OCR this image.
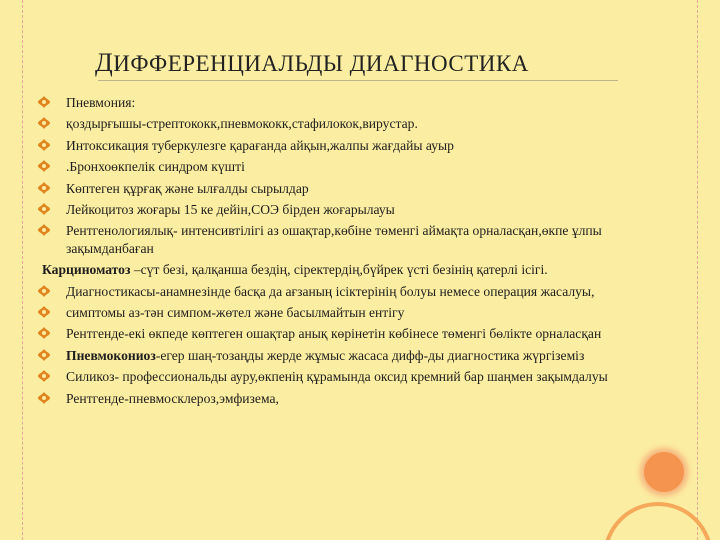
ДИФФЕРЕНЦИАЛЬДЫ ДИАГНОСТИКА
Пневмония:
қоздырғышы-стрептококк,пневмококк,стафилокок,вирустар.
Интоксикация туберкулезге қарағанда айқын,жалпы жағдайы ауыр
.Бронхоөкпелік синдром күшті
Көптеген құрғақ және ылғалды сырылдар
Лейкоцитоз жоғары 15 ке дейін,СОЭ бірден жоғарылауы
Рентгенологиялық- интенсивтілігі аз ошақтар,көбіне төменгі аймақта орналасқан,өкпе ұлпы зақымданбаған
Карциноматоз –сүт безі, қалқанша бездің, сіректердің,бүйрек үсті безінің қатерлі ісігі.
Диагностикасы-анамнезінде басқа да ағзаның ісіктерінің болуы немесе операция жасалуы,
симптомы аз-тән симпом-жөтел және басылмайтын ентігу
Рентгенде-екі өкпеде көптеген ошақтар анық көрінетін көбінесе төменгі бөлікте орналасқан
Пневмокониоз-егер шаң-тозаңды жерде жұмыс жасаса дифф-ды диагностика жүргіземіз
Силикоз- профессиональды ауру,өкпенің құрамында оксид кремний бар шаңмен зақымдалуы
Рентгенде-пневмосклероз,эмфизема,
